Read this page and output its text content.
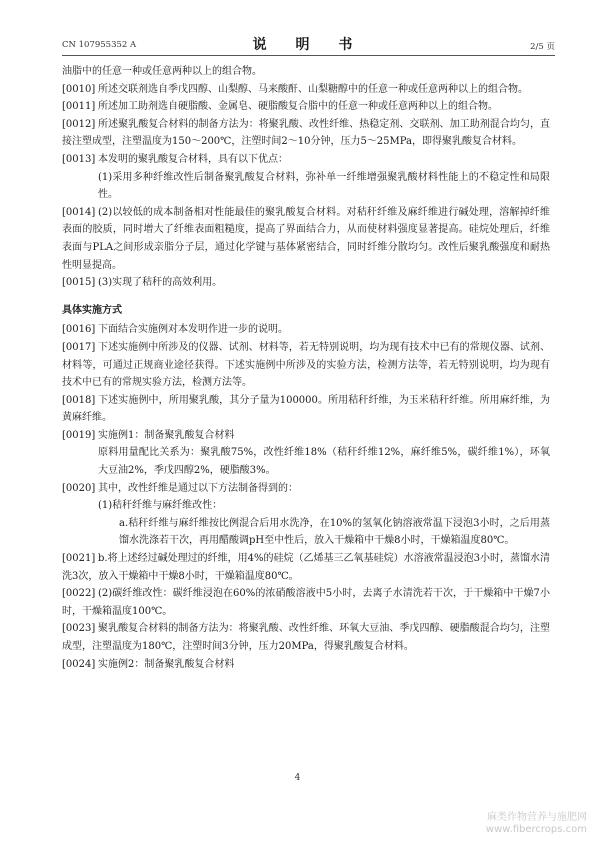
CN 107955352 A	说 明 书	2/5 页
油脂中的任意一种或任意两种以上的组合物。
[0010] 所述交联剂选自季戊四醇、山梨醇、马来酸酐、山梨糖醇中的任意一种或任意两种以上的组合物。
[0011] 所述加工助剂选自硬脂酸、金属皂、硬脂酸复合脂中的任意一种或任意两种以上的组合物。
[0012] 所述聚乳酸复合材料的制备方法为：将聚乳酸、改性纤维、热稳定剂、交联剂、加工助剂混合均匀，直接注塑成型，注塑温度为150～200℃，注塑时间2～10分钟，压力5～25MPa，即得聚乳酸复合材料。
[0013] 本发明的聚乳酸复合材料，具有以下优点：
(1)采用多种纤维改性后制备聚乳酸复合材料，弥补单一纤维增强聚乳酸材料性能上的不稳定性和局限性。
[0014] (2)以较低的成本制备相对性能最佳的聚乳酸复合材料。对秸秆纤维及麻纤维进行碱处理，溶解掉纤维表面的胶质，同时增大了纤维表面粗糙度，提高了界面结合力，从而使材料强度显著提高。硅烷处理后，纤维表面与PLA之间形成亲脂分子层，通过化学键与基体紧密结合，同时纤维分散均匀。改性后聚乳酸强度和耐热性明显提高。
[0015] (3)实现了秸秆的高效利用。
具体实施方式
[0016] 下面结合实施例对本发明作进一步的说明。
[0017] 下述实施例中所涉及的仪器、试剂、材料等，若无特别说明，均为现有技术中已有的常规仪器、试剂、材料等，可通过正规商业途径获得。下述实施例中所涉及的实验方法，检测方法等，若无特别说明，均为现有技术中已有的常规实验方法，检测方法等。
[0018] 下述实施例中，所用聚乳酸，其分子量为100000。所用秸秆纤维，为玉米秸秆纤维。所用麻纤维，为黄麻纤维。
[0019] 实施例1：制备聚乳酸复合材料
原料用量配比关系为：聚乳酸75%，改性纤维18%（秸秆纤维12%，麻纤维5%，碳纤维1%），环氧大豆油2%，季戊四醇2%，硬脂酸3%。
[0020] 其中，改性纤维是通过以下方法制备得到的：
(1)秸秆纤维与麻纤维改性：
a.秸秆纤维与麻纤维按比例混合后用水洗净，在10%的氢氧化钠溶液常温下浸泡3小时，之后用蒸馏水洗涤若干次，再用醋酸调pH至中性后，放入干燥箱中干燥8小时，干燥箱温度80℃。
[0021] b.将上述经过碱处理过的纤维，用4%的硅烷（乙烯基三乙氧基硅烷）水溶液常温浸泡3小时，蒸馏水清洗3次，放入干燥箱中干燥8小时，干燥箱温度80℃。
[0022] (2)碳纤维改性：碳纤维浸泡在60%的浓硝酸溶液中5小时，去离子水清洗若干次，于干燥箱中干燥7小时，干燥箱温度100℃。
[0023] 聚乳酸复合材料的制备方法为：将聚乳酸、改性纤维、环氧大豆油、季戊四醇、硬脂酸混合均匀，注塑成型，注塑温度为180℃，注塑时间3分钟，压力20MPa，得聚乳酸复合材料。
[0024] 实施例2：制备聚乳酸复合材料
4
麻类作物营养与施肥网
www.fibercrops.com
